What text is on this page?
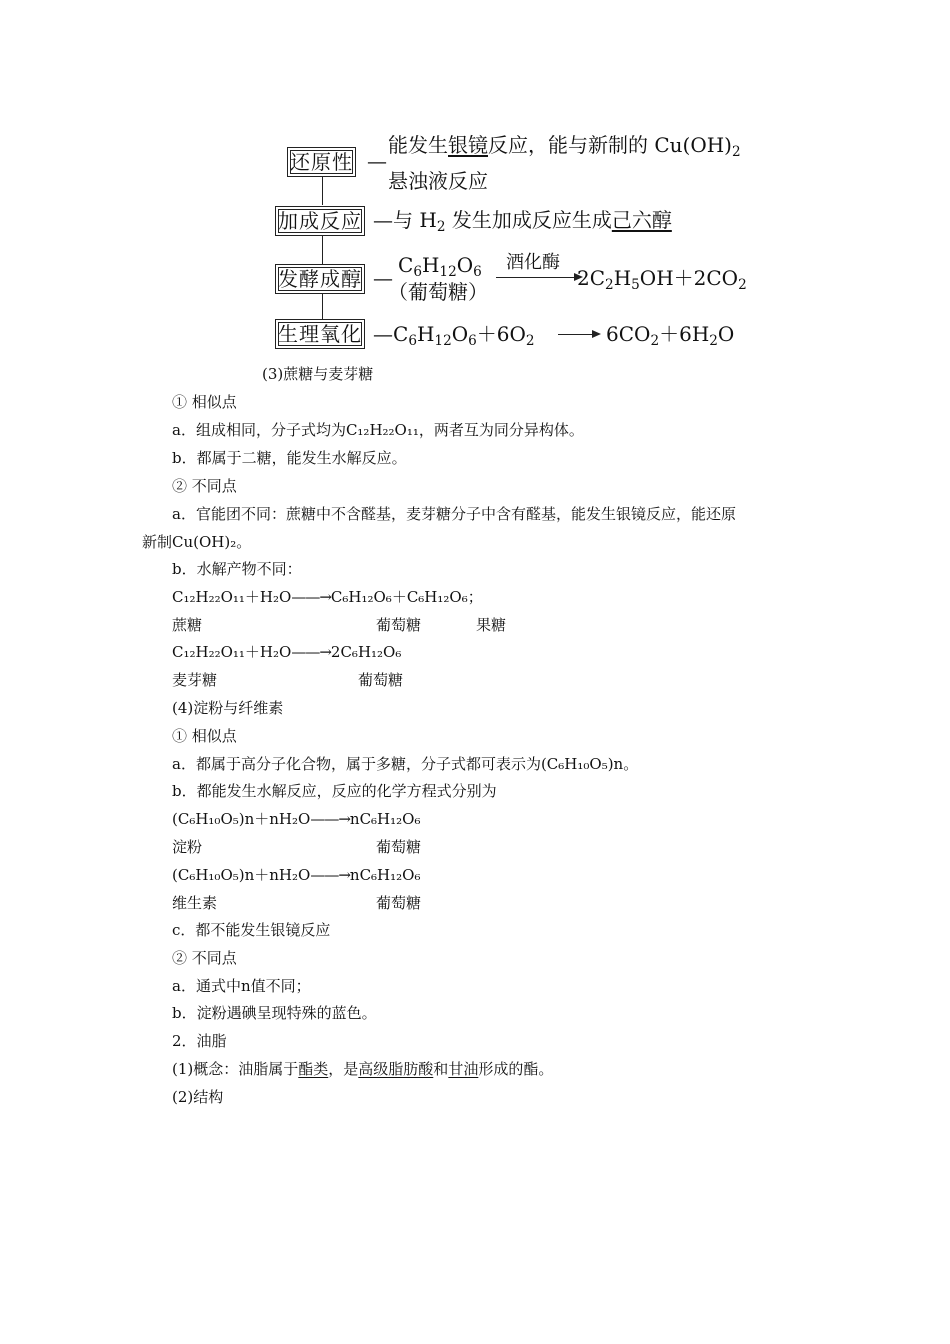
还原性 —
能发生银镜反应，能与新制的 $Cu(OH)_2$
悬浊液反应
加成反应 —与 $H_2$ 发生加成反应生成己六醇
发酵成醇 —
$C_6H_{12}O_6$
（葡萄糖）
酒化酶
$2C_2H_5OH+2CO_2$
生理氧化 $—C_6H_{12}O_6+6O_2$	$6CO_2+6H_2O$
(3)蔗糖与麦芽糖
① 相似点
a．组成相同，分子式均为C₁₂H₂₂O₁₁，两者互为同分异构体。
b．都属于二糖，能发生水解反应。
② 不同点
a．官能团不同：蔗糖中不含醛基，麦芽糖分子中含有醛基，能发生银镜反应，能还原
新制Cu(OH)₂。
b．水解产物不同：
C₁₂H₂₂O₁₁＋H₂O——→C₆H₁₂O₆＋C₆H₁₂O₆；
蔗糖	葡萄糖	果糖
C₁₂H₂₂O₁₁＋H₂O——→2C₆H₁₂O₆
麦芽糖	葡萄糖
(4)淀粉与纤维素
① 相似点
a．都属于高分子化合物，属于多糖，分子式都可表示为(C₆H₁₀O₅)n。
b．都能发生水解反应，反应的化学方程式分别为
(C₆H₁₀O₅)n＋nH₂O——→nC₆H₁₂O₆
淀粉	葡萄糖
(C₆H₁₀O₅)n＋nH₂O——→nC₆H₁₂O₆
维生素	葡萄糖
c．都不能发生银镜反应
② 不同点
a．通式中n值不同；
b．淀粉遇碘呈现特殊的蓝色。
2．油脂
(1)概念：油脂属于酯类，是高级脂肪酸和甘油形成的酯。
(2)结构
